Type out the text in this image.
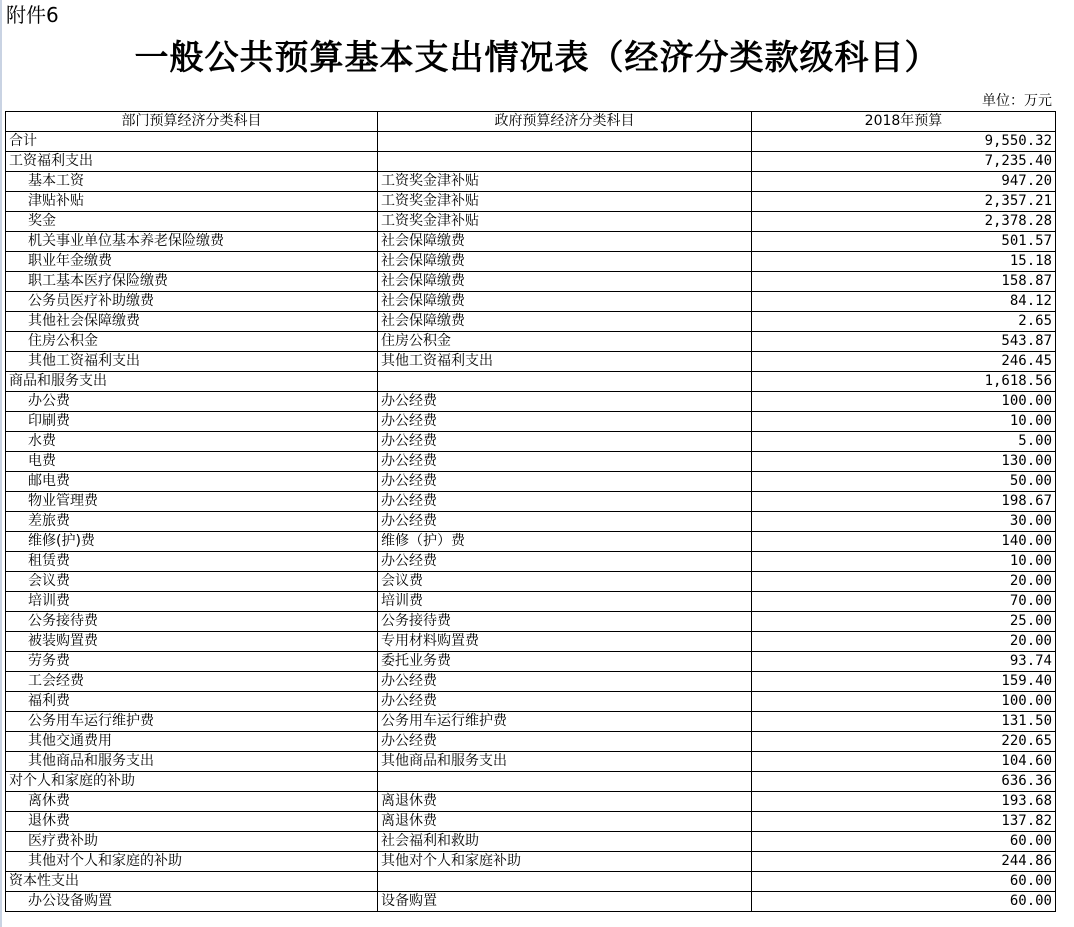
附件6
一般公共预算基本支出情况表（经济分类款级科目）
单位：万元
部门预算经济分类科目	政府预算经济分类科目	2018年预算
合计		9,550.32
工资福利支出		7,235.40
基本工资	工资奖金津补贴	947.20
津贴补贴	工资奖金津补贴	2,357.21
奖金	工资奖金津补贴	2,378.28
机关事业单位基本养老保险缴费	社会保障缴费	501.57
职业年金缴费	社会保障缴费	15.18
职工基本医疗保险缴费	社会保障缴费	158.87
公务员医疗补助缴费	社会保障缴费	84.12
其他社会保障缴费	社会保障缴费	2.65
住房公积金	住房公积金	543.87
其他工资福利支出	其他工资福利支出	246.45
商品和服务支出		1,618.56
办公费	办公经费	100.00
印刷费	办公经费	10.00
水费	办公经费	5.00
电费	办公经费	130.00
邮电费	办公经费	50.00
物业管理费	办公经费	198.67
差旅费	办公经费	30.00
维修(护)费	维修（护）费	140.00
租赁费	办公经费	10.00
会议费	会议费	20.00
培训费	培训费	70.00
公务接待费	公务接待费	25.00
被装购置费	专用材料购置费	20.00
劳务费	委托业务费	93.74
工会经费	办公经费	159.40
福利费	办公经费	100.00
公务用车运行维护费	公务用车运行维护费	131.50
其他交通费用	办公经费	220.65
其他商品和服务支出	其他商品和服务支出	104.60
对个人和家庭的补助		636.36
离休费	离退休费	193.68
退休费	离退休费	137.82
医疗费补助	社会福利和救助	60.00
其他对个人和家庭的补助	其他对个人和家庭补助	244.86
资本性支出		60.00
办公设备购置	设备购置	60.00
